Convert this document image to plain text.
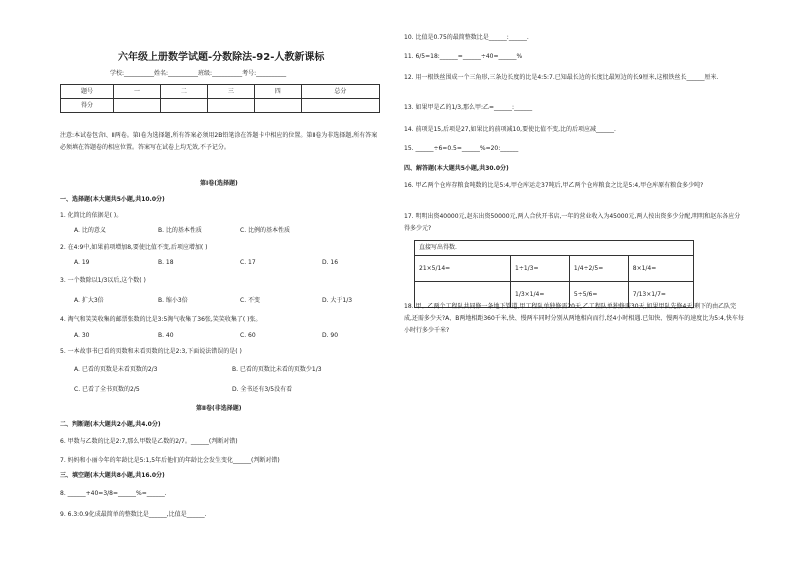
六年级上册数学试题-分数除法-92-人教新课标
学校:__________姓名:__________班级:__________考号:__________
题号	一	二	三	四	总分
得分					
注意:本试卷包含Ⅰ、Ⅱ两卷。第Ⅰ卷为选择题,所有答案必须用2B铅笔涂在答题卡中相应的位置。第Ⅱ卷为非选择题,所有答案必须填在答题卷的相应位置。答案写在试卷上均无效,不予记分。
第Ⅰ卷(选择题)
一、选择题(本大题共5小题,共10.0分)
1. 化简比的依据是( )。
A. 比的意义	B. 比的基本性质	C. 比例的基本性质
2. 在4:9中,如果前项增加8,要使比值不变,后项应增加( )
A. 19	B. 18	C. 17	D. 16
3. 一个数除以1/3以后,这个数( )
A. 扩大3倍	B. 缩小3倍	C. 不变	D. 大于1/3
4. 淘气和笑笑收集的邮票张数的比是3:5淘气收集了36张,笑笑收集了( )张。
A. 30	B. 40	C. 60	D. 90
5. 一本故事书已看的页数和未看页数的比是2:3,下面说法错误的是( )
A. 已看的页数是未看页数的2/3	B. 已看的页数比未看的页数少1/3
C. 已看了全书页数的2/5	D. 全书还有3/5没有看
第Ⅱ卷(非选择题)
二、判断题(本大题共2小题,共4.0分)
6. 甲数与乙数的比是2:7,那么甲数是乙数的2/7。______(判断对错)
7. 妈妈和小丽今年的年龄比是5:1,5年后他们的年龄比会发生变化______(判断对错)
三、填空题(本大题共8小题,共16.0分)
8. ______+40=3/8=______%=______.
9. 6.3:0.9化成最简单的整数比是______,比值是______.
10. 比值是0.75的最简整数比是______:______.
11. 6/5=18:______=______÷40=______%
12. 用一根铁丝围成一个三角形,三条边长度的比是4:5:7.已知最长边的长度比最短边的长9厘米,这根铁丝长______厘米.
13. 如果甲是乙的1/3,那么甲:乙=______:______
14. 前项是15,后项是27,如果比的前项减10,要使比值不变,比的后项应减______.
15. ______÷6=0.5=______%=20:______
四、解答题(本大题共5小题,共30.0分)
16. 甲乙两个仓库存粮食吨数的比是5:4,甲仓库运走37吨后,甲乙两个仓库粮食之比是5:4,甲仓库原有粮食多少吨?
17. 明明出资40000元,赵东出资50000元,两人合伙开书店,一年的营业收入为45000元,两人按出资多少分配,明明和赵东各应分得多少元?
直接写出得数.			
21×5/14=	1÷1/3=	1/4÷2/5=	8×1/4=
	1/3×1/4=	5÷5/6=	7/13×1/7=
18. 甲、乙两个工程队共同修一条地下管道,甲工程队单独修需20天,乙工程队单独修需30天,如果甲队先修4天,剩下的由乙队完成,还需多少天?A、B两地相距360千米,快、慢两车同时分别从两地相向而行,经4小时相遇.已知快、慢两车的速度比为5:4,快车每小时行多少千米?
